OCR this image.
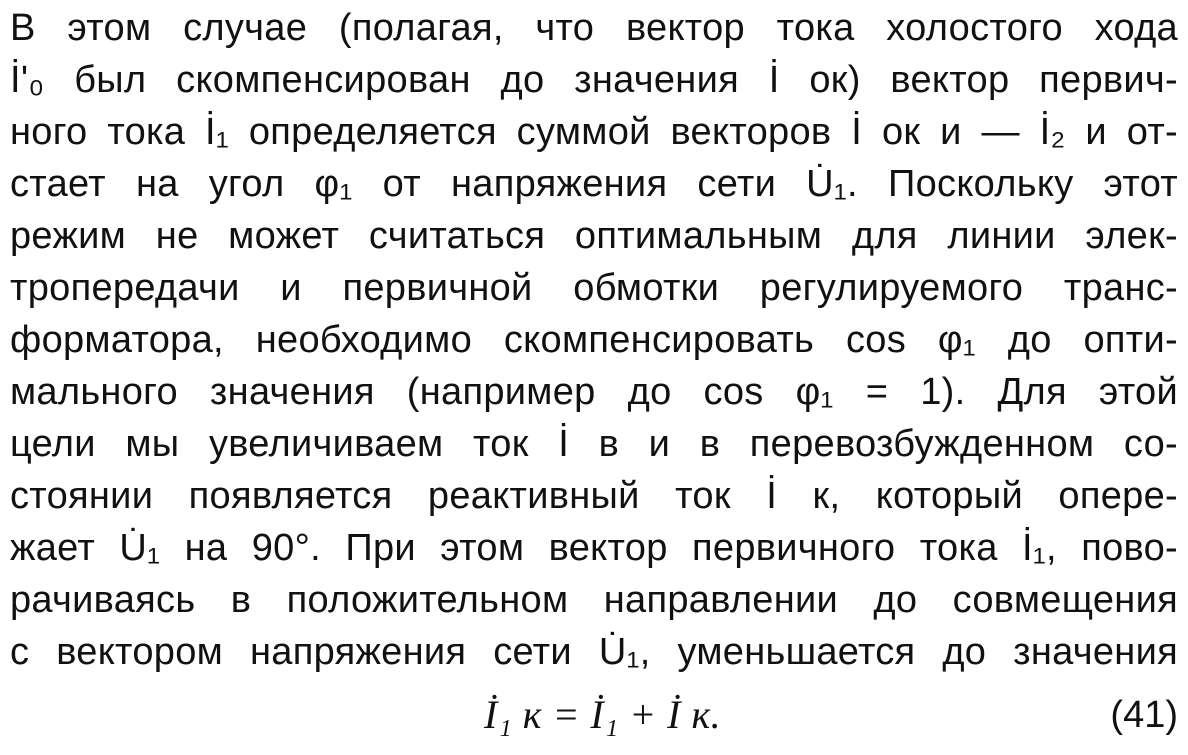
В этом случае (полагая, что вектор тока холостого хода
İ'₀ был скомпенсирован до значения İ ок) вектор первич-
ного тока İ₁ определяется суммой векторов İ ок и — İ₂ и от-
стает на угол φ₁ от напряжения сети U̇₁. Поскольку этот
режим не может считаться оптимальным для линии элек-
тропередачи и первичной обмотки регулируемого транс-
форматора, необходимо скомпенсировать cos φ₁ до опти-
мального значения (например до cos φ₁ = 1). Для этой
цели мы увеличиваем ток İ в и в перевозбужденном со-
стоянии появляется реактивный ток İ к, который опере-
жает U̇₁ на 90°. При этом вектор первичного тока İ₁, пово-
рачиваясь в положительном направлении до совмещения
с вектором напряжения сети U̇₁, уменьшается до значения
İ₁ к = İ₁ + İ к.	(41)
